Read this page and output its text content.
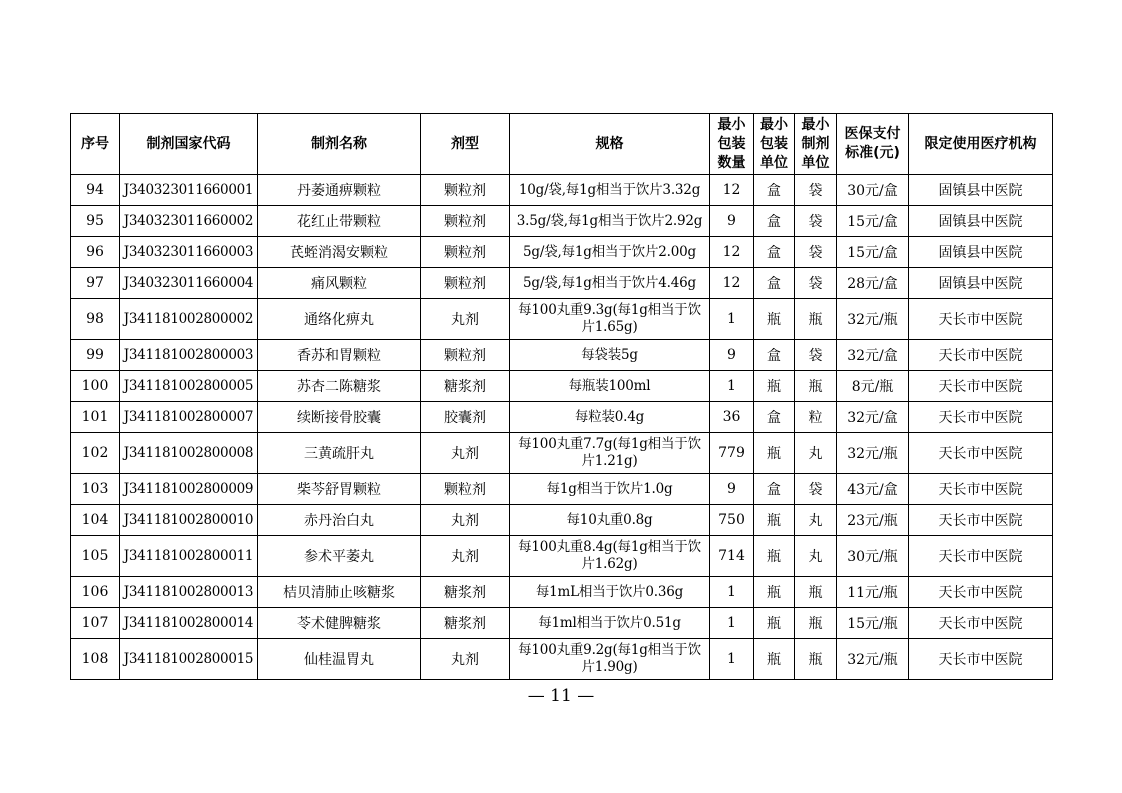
序号	制剂国家代码	制剂名称	剂型	规格	最小包装数量	最小包装单位	最小制剂单位	医保支付标准(元)	限定使用医疗机构
94	J340323011660001	丹萎通痹颗粒	颗粒剂	10g/袋,每1g相当于饮片3.32g	12	盒	袋	30元/盒	固镇县中医院
95	J340323011660002	花红止带颗粒	颗粒剂	3.5g/袋,每1g相当于饮片2.92g	9	盒	袋	15元/盒	固镇县中医院
96	J340323011660003	芪蛭消渴安颗粒	颗粒剂	5g/袋,每1g相当于饮片2.00g	12	盒	袋	15元/盒	固镇县中医院
97	J340323011660004	痛风颗粒	颗粒剂	5g/袋,每1g相当于饮片4.46g	12	盒	袋	28元/盒	固镇县中医院
98	J341181002800002	通络化痹丸	丸剂	每100丸重9.3g(每1g相当于饮片1.65g)	1	瓶	瓶	32元/瓶	天长市中医院
99	J341181002800003	香苏和胃颗粒	颗粒剂	每袋装5g	9	盒	袋	32元/盒	天长市中医院
100	J341181002800005	苏杏二陈糖浆	糖浆剂	每瓶装100ml	1	瓶	瓶	8元/瓶	天长市中医院
101	J341181002800007	续断接骨胶囊	胶囊剂	每粒装0.4g	36	盒	粒	32元/盒	天长市中医院
102	J341181002800008	三黄疏肝丸	丸剂	每100丸重7.7g(每1g相当于饮片1.21g)	779	瓶	丸	32元/瓶	天长市中医院
103	J341181002800009	柴芩舒胃颗粒	颗粒剂	每1g相当于饮片1.0g	9	盒	袋	43元/盒	天长市中医院
104	J341181002800010	赤丹治白丸	丸剂	每10丸重0.8g	750	瓶	丸	23元/瓶	天长市中医院
105	J341181002800011	参术平萎丸	丸剂	每100丸重8.4g(每1g相当于饮片1.62g)	714	瓶	丸	30元/瓶	天长市中医院
106	J341181002800013	桔贝清肺止咳糖浆	糖浆剂	每1mL相当于饮片0.36g	1	瓶	瓶	11元/瓶	天长市中医院
107	J341181002800014	苓术健脾糖浆	糖浆剂	每1ml相当于饮片0.51g	1	瓶	瓶	15元/瓶	天长市中医院
108	J341181002800015	仙桂温胃丸	丸剂	每100丸重9.2g(每1g相当于饮片1.90g)	1	瓶	瓶	32元/瓶	天长市中医院
— 11 —
